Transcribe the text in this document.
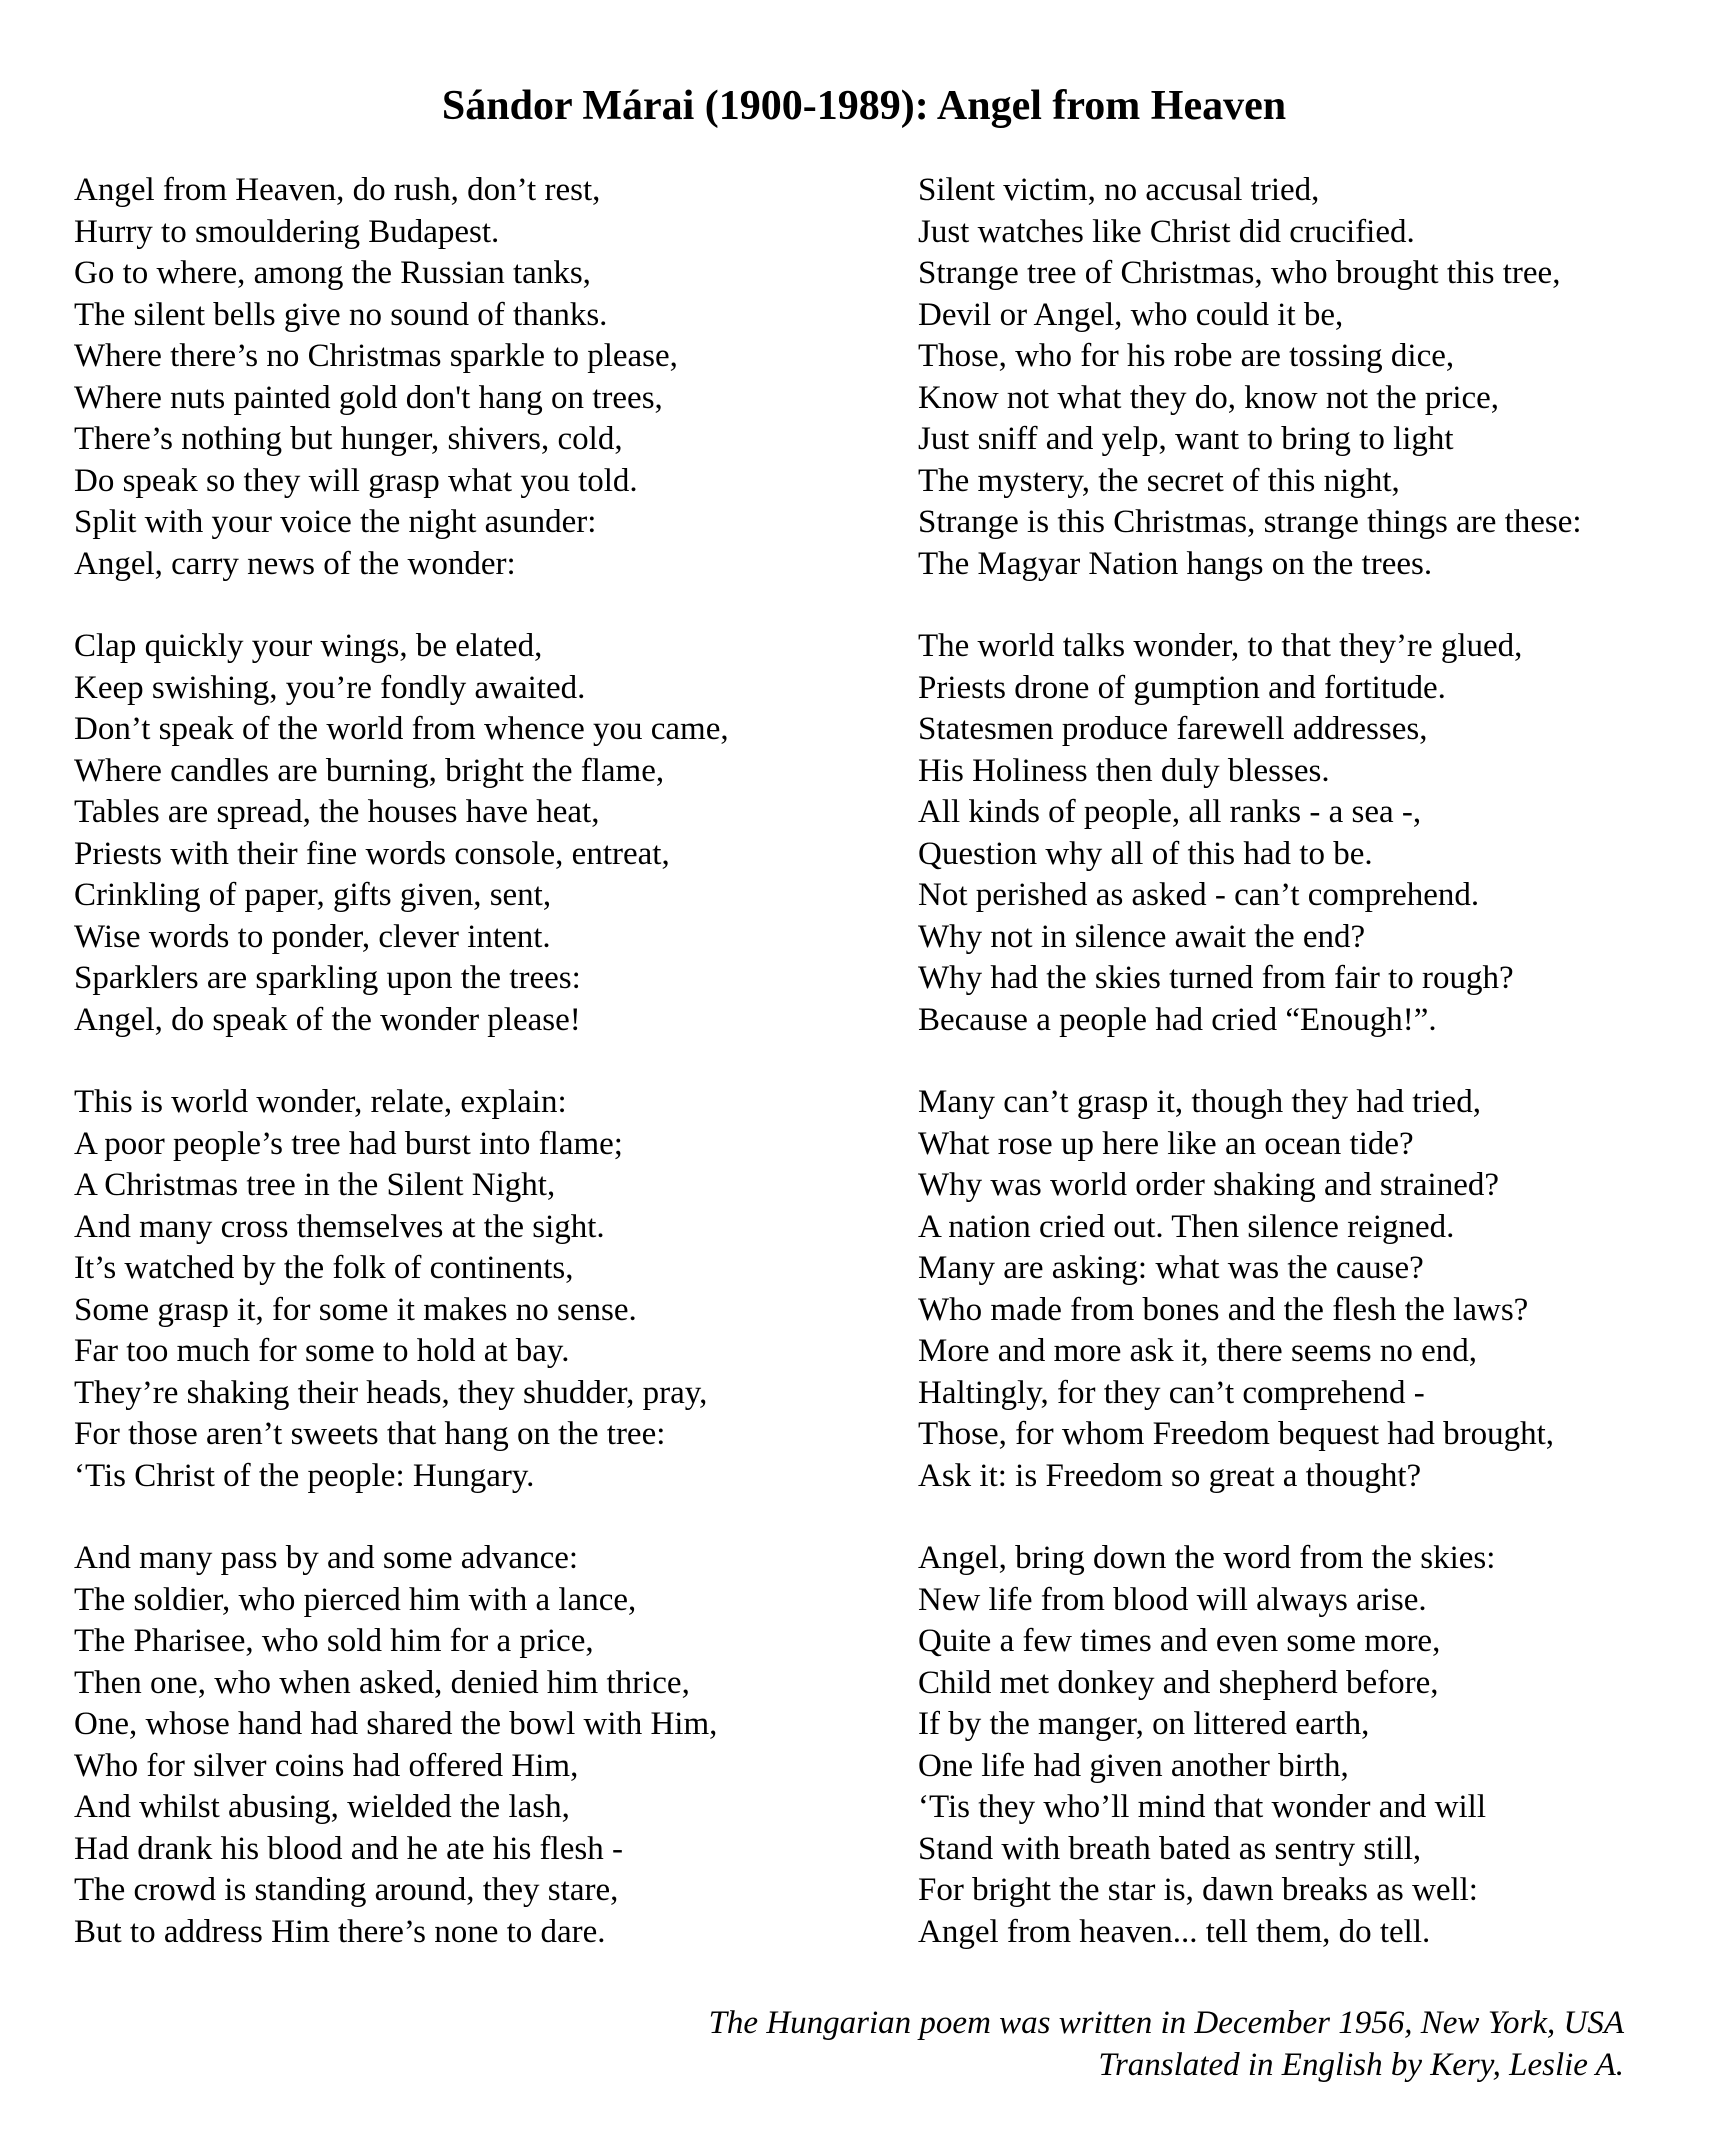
Sándor Márai (1900-1989): Angel from Heaven
Angel from Heaven, do rush, don’t rest,
Hurry to smouldering Budapest.
Go to where, among the Russian tanks,
The silent bells give no sound of thanks.
Where there’s no Christmas sparkle to please,
Where nuts painted gold don't hang on trees,
There’s nothing but hunger, shivers, cold,
Do speak so they will grasp what you told.
Split with your voice the night asunder:
Angel, carry news of the wonder:
Clap quickly your wings, be elated,
Keep swishing, you’re fondly awaited.
Don’t speak of the world from whence you came,
Where candles are burning, bright the flame,
Tables are spread, the houses have heat,
Priests with their fine words console, entreat,
Crinkling of paper, gifts given, sent,
Wise words to ponder, clever intent.
Sparklers are sparkling upon the trees:
Angel, do speak of the wonder please!
This is world wonder, relate, explain:
A poor people’s tree had burst into flame;
A Christmas tree in the Silent Night,
And many cross themselves at the sight.
It’s watched by the folk of continents,
Some grasp it, for some it makes no sense.
Far too much for some to hold at bay.
They’re shaking their heads, they shudder, pray,
For those aren’t sweets that hang on the tree:
‘Tis Christ of the people: Hungary.
And many pass by and some advance:
The soldier, who pierced him with a lance,
The Pharisee, who sold him for a price,
Then one, who when asked, denied him thrice,
One, whose hand had shared the bowl with Him,
Who for silver coins had offered Him,
And whilst abusing, wielded the lash,
Had drank his blood and he ate his flesh -
The crowd is standing around, they stare,
But to address Him there’s none to dare.
Silent victim, no accusal tried,
Just watches like Christ did crucified.
Strange tree of Christmas, who brought this tree,
Devil or Angel, who could it be,
Those, who for his robe are tossing dice,
Know not what they do, know not the price,
Just sniff and yelp, want to bring to light
The mystery, the secret of this night,
Strange is this Christmas, strange things are these:
The Magyar Nation hangs on the trees.
The world talks wonder, to that they’re glued,
Priests drone of gumption and fortitude.
Statesmen produce farewell addresses,
His Holiness then duly blesses.
All kinds of people, all ranks - a sea -,
Question why all of this had to be.
Not perished as asked - can’t comprehend.
Why not in silence await the end?
Why had the skies turned from fair to rough?
Because a people had cried “Enough!”.
Many can’t grasp it, though they had tried,
What rose up here like an ocean tide?
Why was world order shaking and strained?
A nation cried out. Then silence reigned.
Many are asking: what was the cause?
Who made from bones and the flesh the laws?
More and more ask it, there seems no end,
Haltingly, for they can’t comprehend -
Those, for whom Freedom bequest had brought,
Ask it: is Freedom so great a thought?
Angel, bring down the word from the skies:
New life from blood will always arise.
Quite a few times and even some more,
Child met donkey and shepherd before,
If by the manger, on littered earth,
One life had given another birth,
‘Tis they who’ll mind that wonder and will
Stand with breath bated as sentry still,
For bright the star is, dawn breaks as well:
Angel from heaven... tell them, do tell.
The Hungarian poem was written in December 1956, New York, USA
Translated in English by Kery, Leslie A.
